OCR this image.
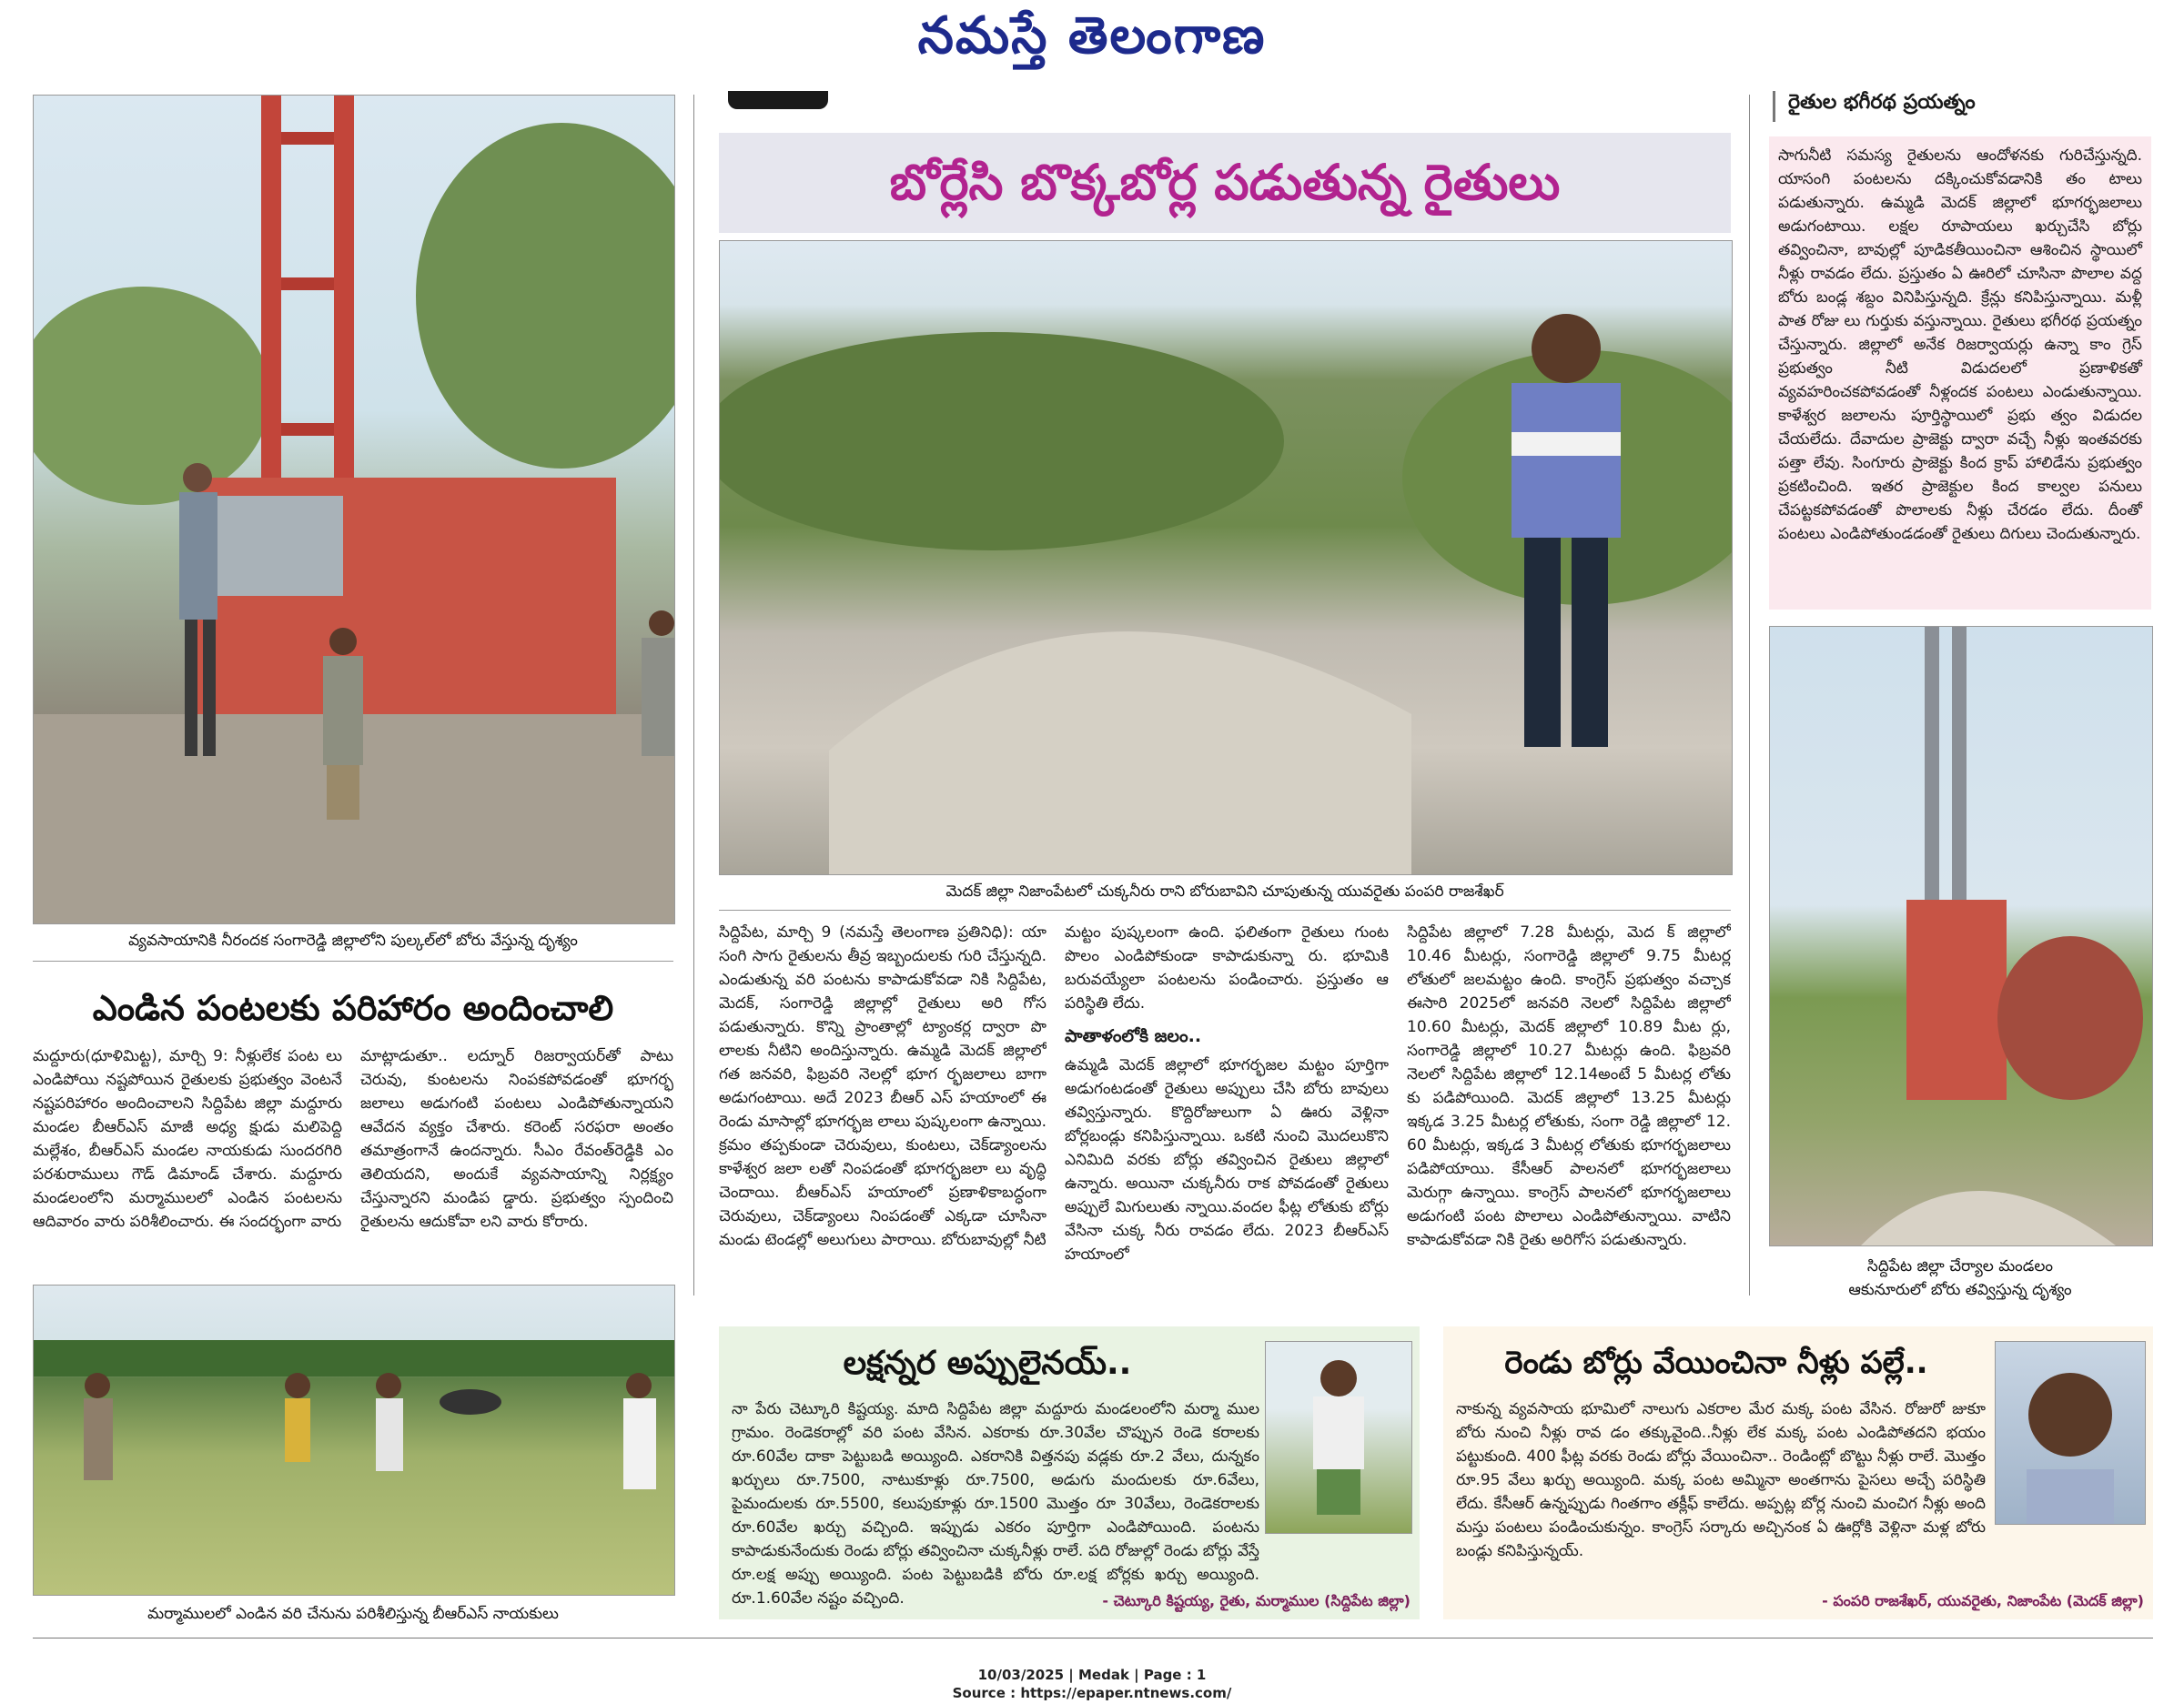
నమస్తే తెలంగాణ
రైతుల భగీరథ ప్రయత్నం
వ్యవసాయానికి నీరందక సంగారెడ్డి జిల్లాలోని పుల్కల్‌లో బోరు వేస్తున్న దృశ్యం
ఎండిన పంటలకు పరిహారం అందించాలి
మద్దూరు(ధూళిమిట్ట), మార్చి 9: నీళ్లులేక పంట లు ఎండిపోయి నష్టపోయిన రైతులకు ప్రభుత్వం వెంటనే నష్టపరిహారం అందించాలని సిద్దిపేట జిల్లా మద్దూరు మండల బీఆర్‌ఎస్ మాజీ అధ్య క్షుడు మలిపెద్ది మల్లేశం, బీఆర్‌ఎస్ మండల నాయకుడు సుందరగిరి పరశురాములు గౌడ్ డిమాండ్ చేశారు. మద్దూరు మండలంలోని మర్మాములలో ఎండిన పంటలను ఆదివారం వారు పరిశీలించారు. ఈ సందర్భంగా వారు
మాట్లాడుతూ.. లద్నూర్ రిజర్వాయర్‌తో పాటు చెరువు, కుంటలను నింపకపోవడంతో భూగర్భ జలాలు అడుగంటి పంటలు ఎండిపోతున్నాయని ఆవేదన వ్యక్తం చేశారు. కరెంట్ సరఫరా అంతం తమాత్రంగానే ఉందన్నారు. సీఎం రేవంత్‌రెడ్డికి ఎం తెలియదని, అందుకే వ్యవసాయాన్ని నిర్లక్ష్యం చేస్తున్నారని మండిప డ్డారు. ప్రభుత్వం స్పందించి రైతులను ఆదుకోవా లని వారు కోరారు.
మర్మాములలో ఎండిన వరి చేనును పరిశీలిస్తున్న బీఆర్‌ఎస్ నాయకులు
బోర్లేసి బొక్కబోర్ల పడుతున్న రైతులు
మెదక్ జిల్లా నిజాంపేటలో చుక్కనీరు రాని బోరుబావిని చూపుతున్న యువరైతు పంపరి రాజశేఖర్
సిద్దిపేట, మార్చి 9 (నమస్తే తెలంగాణ ప్రతినిధి): యా సంగి సాగు రైతులను తీవ్ర ఇబ్బందులకు గురి చేస్తున్నది. ఎండుతున్న వరి పంటను కాపాడుకోవడా నికి సిద్దిపేట, మెదక్, సంగారెడ్డి జిల్లాల్లో రైతులు అరి గోస పడుతున్నారు. కొన్ని ప్రాంతాల్లో ట్యాంకర్ల ద్వారా పొ లాలకు నీటిని అందిస్తున్నారు. ఉమ్మడి మెదక్ జిల్లాలో గత జనవరి, ఫిబ్రవరి నెలల్లో భూగ ర్భజలాలు బాగా అడుగంటాయి. అదే 2023 బీఆర్ ఎస్ హయాంలో ఈ రెండు మాసాల్లో భూగర్భజ లాలు పుష్కలంగా ఉన్నాయి. క్రమం తప్పకుండా చెరువులు, కుంటలు, చెక్‌డ్యాంలను కాళేశ్వర జలా లతో నింపడంతో భూగర్భజలా లు వృద్ధి చెందాయి. బీఆర్‌ఎస్ హయాంలో ప్రణాళికాబద్ధంగా చెరువులు, చెక్‌డ్యాంలు నింపడంతో ఎక్కడా చూసినా మండు టెండల్లో అలుగులు పారాయి. బోరుబావుల్లో నీటి
మట్టం పుష్కలంగా ఉంది. ఫలితంగా రైతులు గుంట పొలం ఎండిపోకుండా కాపాడుకున్నా రు. భూమికి బరువయ్యేలా పంటలను పండించారు. ప్రస్తుతం ఆ పరిస్థితి లేదు.
పాతాళంలోకి జలం..
ఉమ్మడి మెదక్ జిల్లాలో భూగర్భజల మట్టం పూర్తిగా అడుగంటడంతో రైతులు అప్పులు చేసి బోరు బావులు తవ్విస్తున్నారు. కొద్దిరోజులుగా ఏ ఊరు వెళ్లినా బోర్లబండ్లు కనిపిస్తున్నాయి. ఒకటి నుంచి మొదలుకొని ఎనిమిది వరకు బోర్లు తవ్వించిన రైతులు జిల్లాలో ఉన్నారు. అయినా చుక్కనీరు రాక పోవడంతో రైతులు అప్పులే మిగులుతు న్నాయి.వందల ఫీట్ల లోతుకు బోర్లు వేసినా చుక్క నీరు రావడం లేదు. 2023 బీఆర్‌ఎస్ హయాంలో
సిద్దిపేట జిల్లాలో 7.28 మీటర్లు, మెద క్ జిల్లాలో 10.46 మీటర్లు, సంగారెడ్డి జిల్లాలో 9.75 మీటర్ల లోతులో జలమట్టం ఉంది. కాంగ్రెస్ ప్రభుత్వం వచ్చాక ఈసారి 2025లో జనవరి నెలలో సిద్దిపేట జిల్లాలో 10.60 మీటర్లు, మెదక్ జిల్లాలో 10.89 మీట ర్లు, సంగారెడ్డి జిల్లాలో 10.27 మీటర్లు ఉంది. ఫిబ్రవరి నెలలో సిద్దిపేట జిల్లాలో 12.14అంటే 5 మీటర్ల లోతు కు పడిపోయింది. మెదక్ జిల్లాలో 13.25 మీటర్లు ఇక్కడ 3.25 మీటర్ల లోతుకు, సంగా రెడ్డి జిల్లాలో 12. 60 మీటర్లు, ఇక్కడ 3 మీటర్ల లోతుకు భూగర్భజలాలు పడిపోయాయి. కేసీఆర్ పాలనలో భూగర్భజలాలు మెరుగ్గా ఉన్నాయి. కాంగ్రెస్ పాలనలో భూగర్భజలాలు అడుగంటి పంట పొలాలు ఎండిపోతున్నాయి. వాటిని కాపాడుకోవడా నికి రైతు అరిగోస పడుతున్నారు.
సాగునీటి సమస్య రైతులను ఆందోళనకు గురిచేస్తున్నది. యాసంగి పంటలను దక్కించుకోవడానికి తం టాలు పడుతున్నారు. ఉమ్మడి మెదక్ జిల్లాలో భూగర్భజలాలు అడుగంటాయి. లక్షల రూపాయలు ఖర్చుచేసి బోర్లు తవ్వించినా, బావుల్లో పూడికతీయించినా ఆశించిన స్థాయిలో నీళ్లు రావడం లేదు. ప్రస్తుతం ఏ ఊరిలో చూసినా పొలాల వద్ద బోరు బండ్ల శబ్దం వినిపిస్తున్నది. క్రేన్లు కనిపిస్తున్నాయి. మళ్లీ పాత రోజు లు గుర్తుకు వస్తున్నాయి. రైతులు భగీరథ ప్రయత్నం చేస్తున్నారు. జిల్లాలో అనేక రిజర్వాయర్లు ఉన్నా కాం గ్రెస్ ప్రభుత్వం నీటి విడుదలలో ప్రణాళికతో వ్యవహరించకపోవడంతో నీళ్లందక పంటలు ఎండుతున్నాయి. కాళేశ్వర జలాలను పూర్తిస్థాయిలో ప్రభు త్వం విడుదల చేయలేదు. దేవాదుల ప్రాజెక్టు ద్వారా వచ్చే నీళ్లు ఇంతవరకు పత్తా లేవు. సింగూరు ప్రాజెక్టు కింద క్రాప్ హాలిడేను ప్రభుత్వం ప్రకటించింది. ఇతర ప్రాజెక్టుల కింద కాల్వల పనులు చేపట్టకపోవడంతో పొలాలకు నీళ్లు చేరడం లేదు. దీంతో పంటలు ఎండిపోతుండడంతో రైతులు దిగులు చెందుతున్నారు.
సిద్దిపేట జిల్లా చేర్యాల మండలం
ఆకునూరులో బోరు తవ్విస్తున్న దృశ్యం
లక్షన్నర అప్పులైనయ్..
నా పేరు చెట్కూరి కిష్టయ్య. మాది సిద్దిపేట జిల్లా మద్దూరు మండలంలోని మర్మా ముల గ్రామం. రెండెకరాల్లో వరి పంట వేసిన. ఎకరాకు రూ.30వేల చొప్పున రెండె కరాలకు రూ.60వేల దాకా పెట్టుబడి అయ్యింది. ఎకరానికి విత్తనపు వడ్లకు రూ.2 వేలు, దున్నకం ఖర్చులు రూ.7500, నాటుకూళ్లు రూ.7500, అడుగు మందులకు రూ.6వేలు, పైమందులకు రూ.5500, కలుపుకూళ్లు రూ.1500 మొత్తం రూ 30వేలు, రెండెకరాలకు రూ.60వేల ఖర్చు వచ్చింది. ఇప్పుడు ఎకరం పూర్తిగా ఎండిపోయింది. పంటను కాపాడుకునేందుకు రెండు బోర్లు తవ్వించినా చుక్కనీళ్లు రాలే. పది రోజుల్లో రెండు బోర్లు వేస్తే రూ.లక్ష అప్పు అయ్యింది. పంట పెట్టుబడికి బోరు రూ.లక్ష బోర్లకు ఖర్చు అయ్యింది. రూ.1.60వేల నష్టం వచ్చింది.	- చెట్కూరి కిష్టయ్య, రైతు, మర్మాముల (సిద్దిపేట జిల్లా)
రెండు బోర్లు వేయించినా నీళ్లు పల్లే..
నాకున్న వ్యవసాయ భూమిలో నాలుగు ఎకరాల మేర మక్క పంట వేసిన. రోజురో జుకూ బోరు నుంచి నీళ్లు రావ డం తక్కువైంది..నీళ్లు లేక మక్క పంట ఎండిపోతదని భయం పట్టుకుంది. 400 ఫీట్ల వరకు రెండు బోర్లు వేయించినా.. రెండింట్లో బొట్టు నీళ్లు రాలే. మొత్తం రూ.95 వేలు ఖర్చు అయ్యింది. మక్క పంట అమ్మినా అంతగాను పైసలు అచ్చే పరిస్థితి లేదు. కేసీఆర్ ఉన్నప్పుడు గింతగాం తక్లీఫ్ కాలేదు. అప్పట్ల బోర్ల నుంచి మంచిగ నీళ్లు అంది మస్తు పంటలు పండించుకున్నం. కాంగ్రెస్ సర్కారు అచ్చినంక ఏ ఊర్లోకి వెళ్లినా మళ్ల బోరు బండ్లు కనిపిస్తున్నయ్.
- పంపరి రాజశేఖర్, యువరైతు, నిజాంపేట (మెదక్ జిల్లా)
10/03/2025 | Medak | Page : 1
Source : https://epaper.ntnews.com/
